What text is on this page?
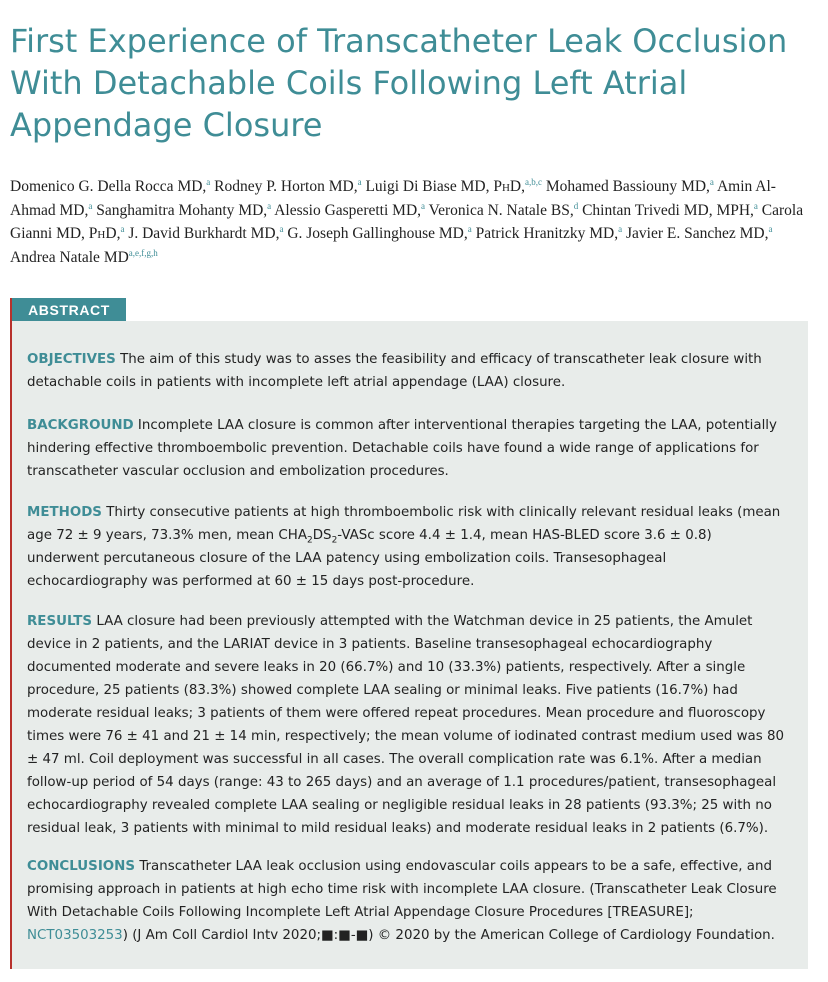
First Experience of Transcatheter Leak Occlusion With Detachable Coils Following Left Atrial Appendage Closure
Domenico G. Della Rocca MD,$^a$ Rodney P. Horton MD,$^a$ Luigi Di Biase MD, PhD,$^{a,b,c}$ Mohamed Bassiouny MD,$^a$ Amin Al-Ahmad MD,$^a$ Sanghamitra Mohanty MD,$^a$ Alessio Gasperetti MD,$^a$ Veronica N. Natale BS,$^d$ Chintan Trivedi MD, MPH,$^a$ Carola Gianni MD, PhD,$^a$ J. David Burkhardt MD,$^a$ G. Joseph Gallinghouse MD,$^a$ Patrick Hranitzky MD,$^a$ Javier E. Sanchez MD,$^a$ Andrea Natale MD$^{a,e,f,g,h}$
ABSTRACT

OBJECTIVES The aim of this study was to asses the feasibility and efficacy of transcatheter leak closure with detachable coils in patients with incomplete left atrial appendage (LAA) closure.

BACKGROUND Incomplete LAA closure is common after interventional therapies targeting the LAA, potentially hindering effective thromboembolic prevention. Detachable coils have found a wide range of applications for transcatheter vascular occlusion and embolization procedures.

METHODS Thirty consecutive patients at high thromboembolic risk with clinically relevant residual leaks (mean age 72 ± 9 years, 73.3% men, mean $CHA_2DS_2$-VASc score 4.4 ± 1.4, mean HAS-BLED score 3.6 ± 0.8) underwent percutaneous closure of the LAA patency using embolization coils. Transesophageal echocardiography was performed at 60 ± 15 days post-procedure.

RESULTS LAA closure had been previously attempted with the Watchman device in 25 patients, the Amulet device in 2 patients, and the LARIAT device in 3 patients. Baseline transesophageal echocardiography documented moderate and severe leaks in 20 (66.7%) and 10 (33.3%) patients, respectively. After a single procedure, 25 patients (83.3%) showed complete LAA sealing or minimal leaks. Five patients (16.7%) had moderate residual leaks; 3 patients of them were offered repeat procedures. Mean procedure and fluoroscopy times were 76 ± 41 and 21 ± 14 min, respectively; the mean volume of iodinated contrast medium used was 80 ± 47 ml. Coil deployment was successful in all cases. The overall complication rate was 6.1%. After a median follow-up period of 54 days (range: 43 to 265 days) and an average of 1.1 procedures/patient, transesophageal echocardiography revealed complete LAA sealing or negligible residual leaks in 28 patients (93.3%; 25 with no residual leak, 3 patients with minimal to mild residual leaks) and moderate residual leaks in 2 patients (6.7%).

CONCLUSIONS Transcatheter LAA leak occlusion using endovascular coils appears to be a safe, effective, and promising approach in patients at high echo time risk with incomplete LAA closure. (Transcatheter Leak Closure With Detachable Coils Following Incomplete Left Atrial Appendage Closure Procedures [TREASURE]; NCT03503253) (J Am Coll Cardiol Intv 2020;■:■-■) © 2020 by the American College of Cardiology Foundation.
